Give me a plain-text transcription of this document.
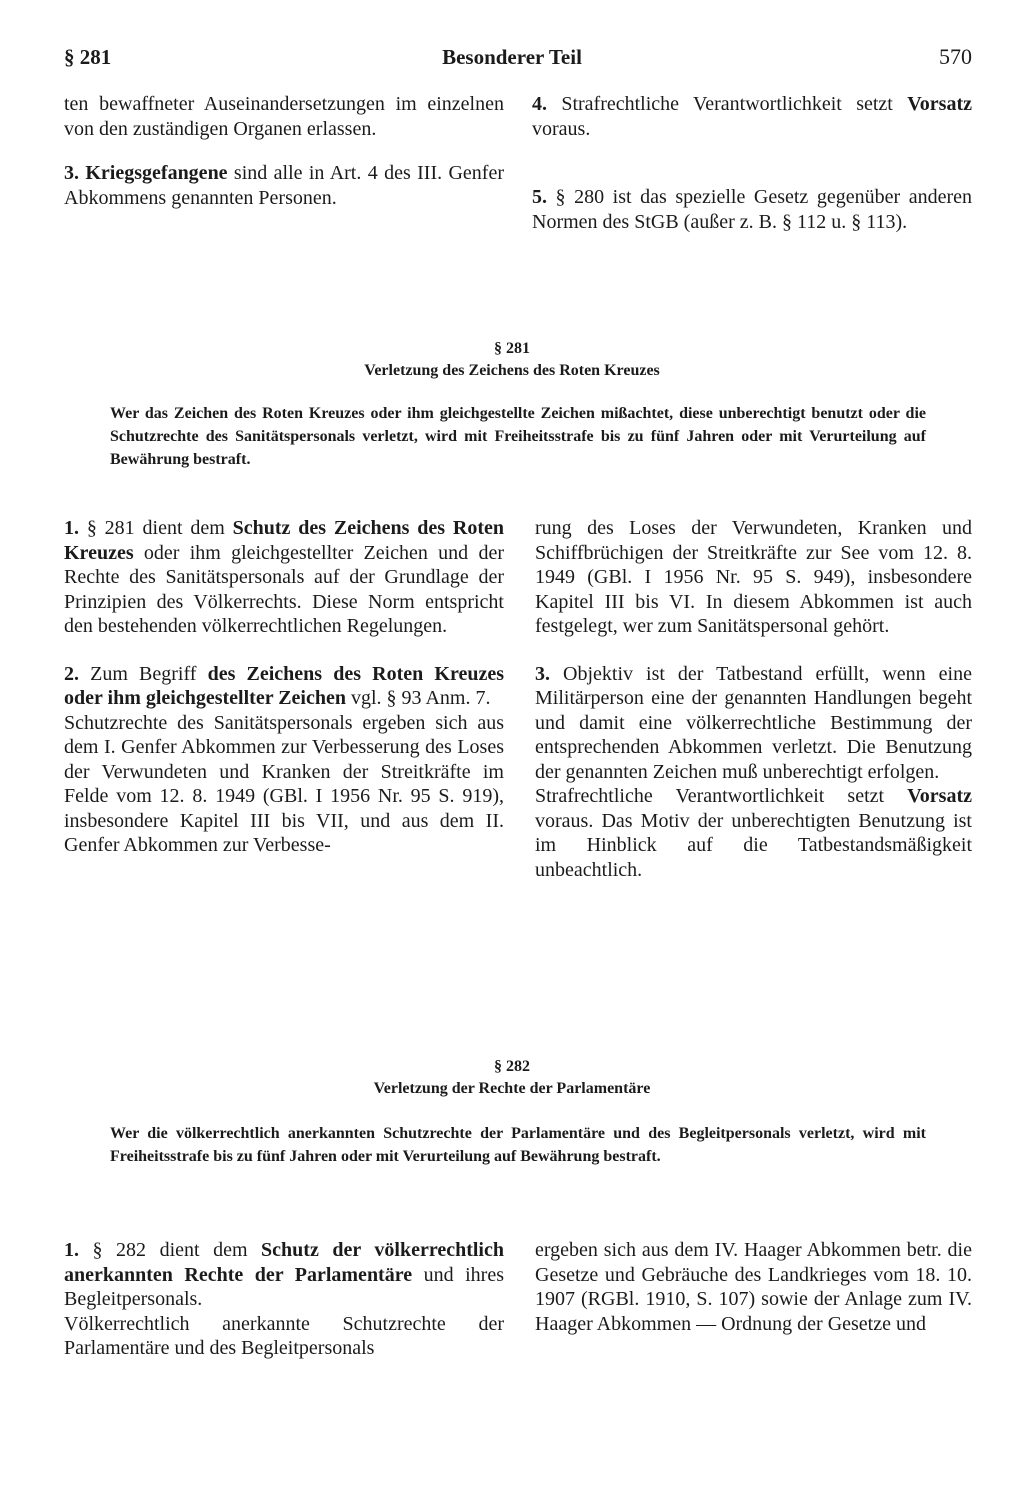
§ 281	Besonderer Teil	570

ten bewaffneter Auseinandersetzungen im einzelnen von den zuständigen Organen erlassen.

3. Kriegsgefangene sind alle in Art. 4 des III. Genfer Abkommens genannten Personen.

4. Strafrechtliche Verantwortlichkeit setzt Vorsatz voraus.

5. § 280 ist das spezielle Gesetz gegenüber anderen Normen des StGB (außer z. B. § 112 u. § 113).

§ 281
Verletzung des Zeichens des Roten Kreuzes
Wer das Zeichen des Roten Kreuzes oder ihm gleichgestellte Zeichen mißachtet, diese unberechtigt benutzt oder die Schutzrechte des Sanitätspersonals verletzt, wird mit Freiheitsstrafe bis zu fünf Jahren oder mit Verurteilung auf Bewährung bestraft.

1. § 281 dient dem Schutz des Zeichens des Roten Kreuzes oder ihm gleichgestellter Zeichen und der Rechte des Sanitätspersonals auf der Grundlage der Prinzipien des Völkerrechts. Diese Norm entspricht den bestehenden völkerrechtlichen Regelungen.

2. Zum Begriff des Zeichens des Roten Kreuzes oder ihm gleichgestellter Zeichen vgl. § 93 Anm. 7.

Schutzrechte des Sanitätspersonals ergeben sich aus dem I. Genfer Abkommen zur Verbesserung des Loses der Verwundeten und Kranken der Streitkräfte im Felde vom 12. 8. 1949 (GBl. I 1956 Nr. 95 S. 919), insbesondere Kapitel III bis VII, und aus dem II. Genfer Abkommen zur Verbesse-

rung des Loses der Verwundeten, Kranken und Schiffbrüchigen der Streitkräfte zur See vom 12. 8. 1949 (GBl. I 1956 Nr. 95 S. 949), insbesondere Kapitel III bis VI. In diesem Abkommen ist auch festgelegt, wer zum Sanitätspersonal gehört.

3. Objektiv ist der Tatbestand erfüllt, wenn eine Militärperson eine der genannten Handlungen begeht und damit eine völkerrechtliche Bestimmung der entsprechenden Abkommen verletzt. Die Benutzung der genannten Zeichen muß unberechtigt erfolgen.

Strafrechtliche Verantwortlichkeit setzt Vorsatz voraus. Das Motiv der unberechtigten Benutzung ist im Hinblick auf die Tatbestandsmäßigkeit unbeachtlich.

§ 282
Verletzung der Rechte der Parlamentäre
Wer die völkerrechtlich anerkannten Schutzrechte der Parlamentäre und des Begleitpersonals verletzt, wird mit Freiheitsstrafe bis zu fünf Jahren oder mit Verurteilung auf Bewährung bestraft.

1. § 282 dient dem Schutz der völkerrechtlich anerkannten Rechte der Parlamentäre und ihres Begleitpersonals.

Völkerrechtlich anerkannte Schutzrechte der Parlamentäre und des Begleitpersonals

ergeben sich aus dem IV. Haager Abkommen betr. die Gesetze und Gebräuche des Landkrieges vom 18. 10. 1907 (RGBl. 1910, S. 107) sowie der Anlage zum IV. Haager Abkommen — Ordnung der Gesetze und
